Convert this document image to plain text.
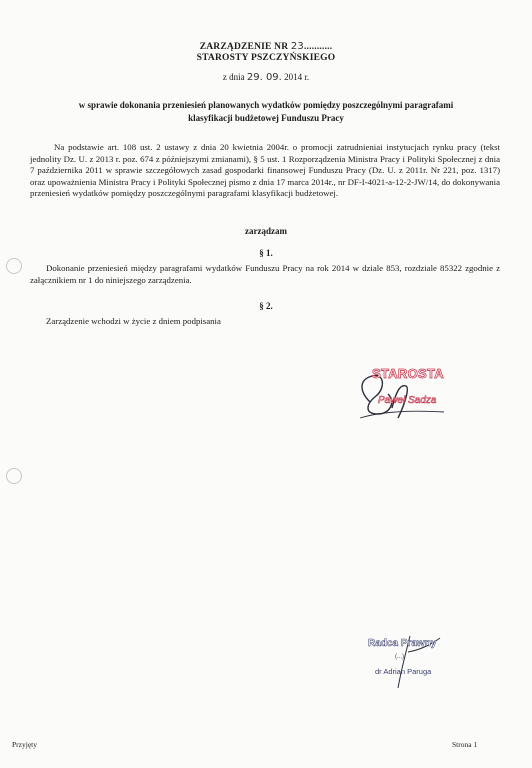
ZARZĄDZENIE NR 23...........
STAROSTY PSZCZYŃSKIEGO
z dnia 29. 09. 2014 r.
w sprawie dokonania przeniesień planowanych wydatków pomiędzy poszczególnymi paragrafami
klasyfikacji budżetowej Funduszu Pracy
Na podstawie art. 108 ust. 2 ustawy z dnia 20 kwietnia 2004r. o promocji zatrudnieniai instytucjach rynku pracy (tekst jednolity Dz. U. z 2013 r. poz. 674 z późniejszymi zmianami), § 5 ust. 1 Rozporządzenia Ministra Pracy i Polityki Społecznej z dnia 7 października 2011 w sprawie szczegółowych zasad gospodarki finansowej Funduszu Pracy (Dz. U. z 2011r. Nr 221, poz. 1317) oraz upoważnienia Ministra Pracy i Polityki Społecznej pismo z dnia 17 marca 2014r., nr DF-I-4021-a-12-2-JW/14, do dokonywania przeniesień wydatków pomiędzy poszczególnymi paragrafami klasyfikacji budżetowej.
zarządzam
§ 1.
Dokonanie przeniesień między paragrafami wydatków Funduszu Pracy na rok 2014 w dziale 853, rozdziale 85322 zgodnie z załącznikiem nr 1 do niniejszego zarządzenia.
§ 2.
Zarządzenie wchodzi w życie z dniem podpisania
STAROSTA
Paweł Sadza
Radca Prawny
(...)
dr Adrian Paruga
Przyjęty	Strona 1
